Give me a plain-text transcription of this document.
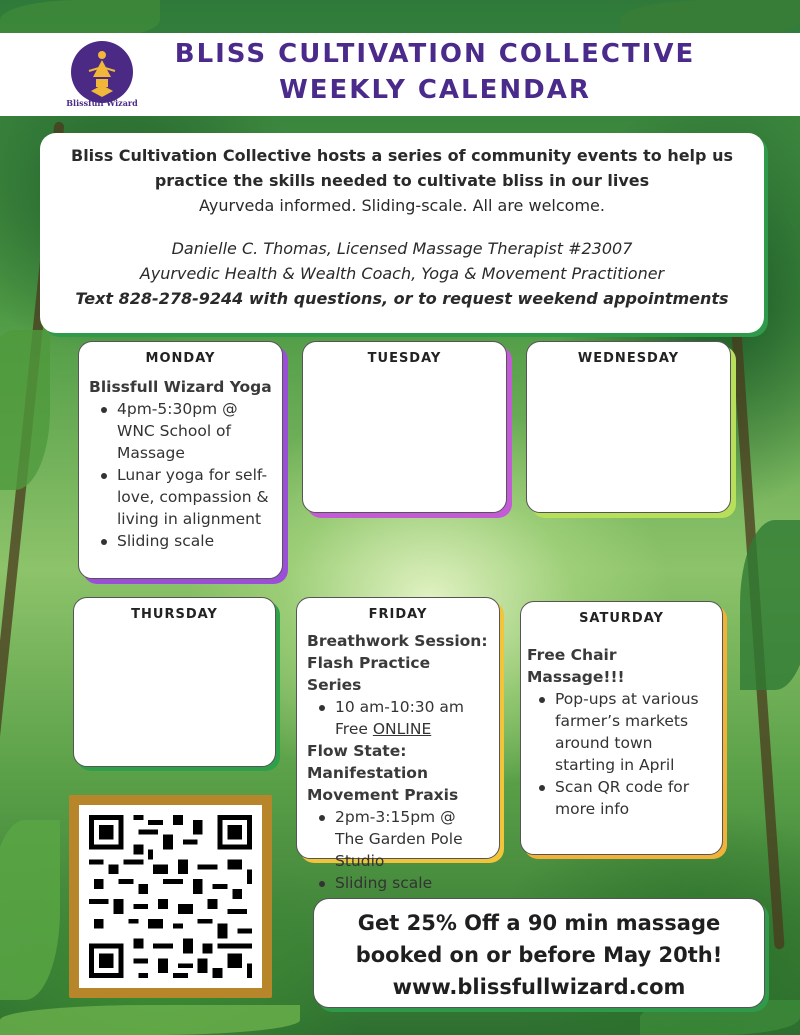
Blissfull Wizard
BLISS CULTIVATION COLLECTIVE
WEEKLY CALENDAR

Bliss Cultivation Collective hosts a series of community events to help us

practice the skills needed to cultivate bliss in our lives

Ayurveda informed. Sliding-scale. All are welcome.

Danielle C. Thomas, Licensed Massage Therapist #23007

Ayurvedic Health & Wealth Coach, Yoga & Movement Practitioner

Text 828-278-9244 with questions, or to request weekend appointments

MONDAY
Blissfull Wizard Yoga
4pm-5:30pm @ WNC School of Massage
Lunar yoga for self-love, compassion & living in alignment
Sliding scale
TUESDAY	WEDNESDAY
THURSDAY	FRIDAY
Breathwork Session: Flash Practice Series
10 am-10:30 am
Free ONLINE
Flow State: Manifestation Movement Praxis
2pm-3:15pm @ The Garden Pole Studio
Sliding scale
SATURDAY
Free Chair Massage!!!
Pop-ups at various farmer’s markets around town starting in April
Scan QR code for more info

Get 25% Off a 90 min massage

booked on or before May 20th!

www.blissfullwizard.com
